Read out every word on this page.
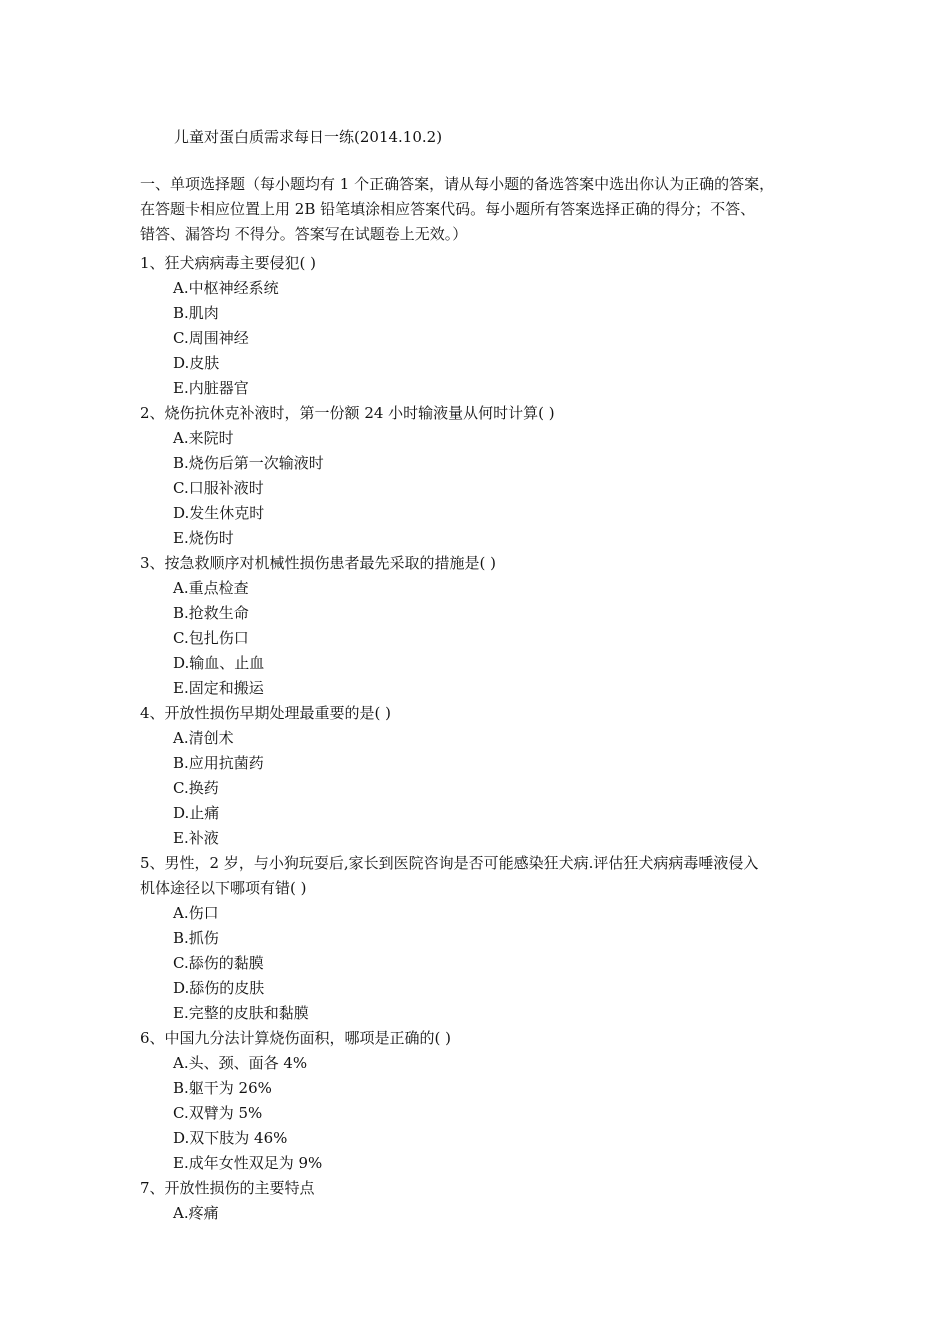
儿童对蛋白质需求每日一练(2014.10.2)

一、单项选择题（每小题均有 1 个正确答案，请从每小题的备选答案中选出你认为正确的答案，

在答题卡相应位置上用 2B 铅笔填涂相应答案代码。每小题所有答案选择正确的得分；不答、

错答、漏答均 不得分。答案写在试题卷上无效。）

1、狂犬病病毒主要侵犯( )
A.中枢神经系统
B.肌肉
C.周围神经
D.皮肤
E.内脏器官
2、烧伤抗休克补液时，第一份额 24 小时输液量从何时计算( )
A.来院时
B.烧伤后第一次输液时
C.口服补液时
D.发生休克时
E.烧伤时
3、按急救顺序对机械性损伤患者最先采取的措施是( )
A.重点检查
B.抢救生命
C.包扎伤口
D.输血、止血
E.固定和搬运
4、开放性损伤早期处理最重要的是( )
A.清创术
B.应用抗菌药
C.换药
D.止痛
E.补液
5、男性，2 岁，与小狗玩耍后,家长到医院咨询是否可能感染狂犬病.评估狂犬病病毒唾液侵入
机体途径以下哪项有错( )
A.伤口
B.抓伤
C.舔伤的黏膜
D.舔伤的皮肤
E.完整的皮肤和黏膜
6、中国九分法计算烧伤面积，哪项是正确的( )
A.头、颈、面各 4%
B.躯干为 26%
C.双臂为 5%
D.双下肢为 46%
E.成年女性双足为 9%
7、开放性损伤的主要特点
A.疼痛
